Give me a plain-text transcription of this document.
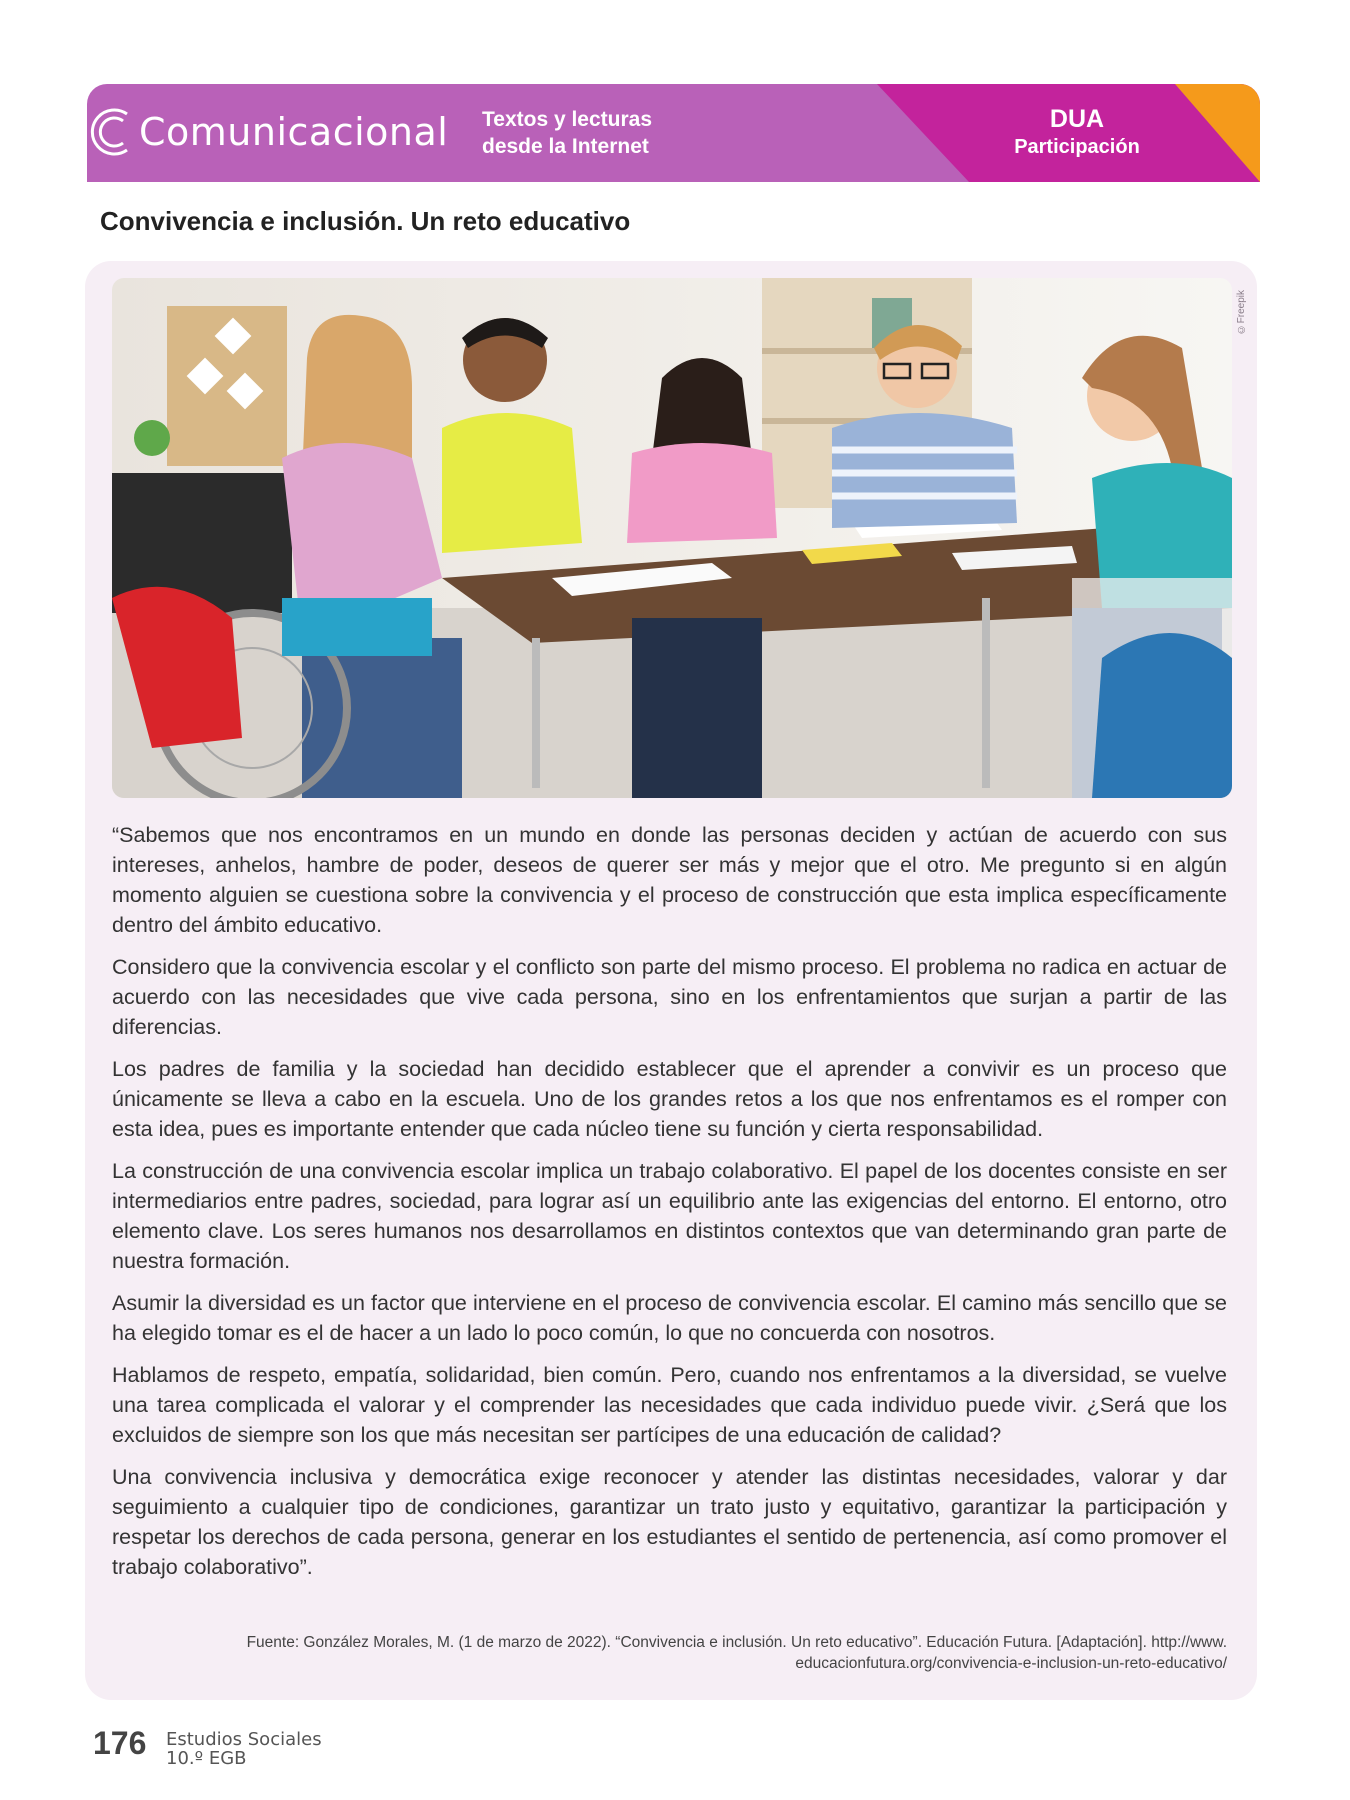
Comunicacional Textos y lecturas
desde la Internet
DUA
Participación
Convivencia e inclusión. Un reto educativo
©Freepik

“Sabemos que nos encontramos en un mundo en donde las personas deciden y actúan de acuerdo con sus intereses, anhelos, hambre de poder, deseos de querer ser más y mejor que el otro. Me pregunto si en algún momento alguien se cuestiona sobre la convivencia y el proceso de construcción que esta implica específicamente dentro del ámbito educativo.

Considero que la convivencia escolar y el conflicto son parte del mismo proceso. El problema no radica en actuar de acuerdo con las necesidades que vive cada persona, sino en los enfrentamientos que surjan a partir de las diferencias.

Los padres de familia y la sociedad han decidido establecer que el aprender a convivir es un proceso que únicamente se lleva a cabo en la escuela. Uno de los grandes retos a los que nos enfrentamos es el romper con esta idea, pues es importante entender que cada núcleo tiene su función y cierta responsabilidad.

La construcción de una convivencia escolar implica un trabajo colaborativo. El papel de los docentes consiste en ser intermediarios entre padres, sociedad, para lograr así un equilibrio ante las exigencias del entorno. El entorno, otro elemento clave. Los seres humanos nos desarrollamos en distintos contextos que van determinando gran parte de nuestra formación.

Asumir la diversidad es un factor que interviene en el proceso de convivencia escolar. El camino más sencillo que se ha elegido tomar es el de hacer a un lado lo poco común, lo que no concuerda con nosotros.

Hablamos de respeto, empatía, solidaridad, bien común. Pero, cuando nos enfrentamos a la diversidad, se vuelve una tarea complicada el valorar y el comprender las necesidades que cada individuo puede vivir. ¿Será que los excluidos de siempre son los que más necesitan ser partícipes de una educación de calidad?

Una convivencia inclusiva y democrática exige reconocer y atender las distintas necesidades, valorar y dar seguimiento a cualquier tipo de condiciones, garantizar un trato justo y equitativo, garantizar la participación y respetar los derechos de cada persona, generar en los estudiantes el sentido de pertenencia, así como promover el trabajo colaborativo”.

Fuente: González Morales, M. (1 de marzo de 2022). “Convivencia e inclusión. Un reto educativo”. Educación Futura. [Adaptación]. http://www.
educacionfutura.org/convivencia-e-inclusion-un-reto-educativo/
176 Estudios Sociales
10.º EGB
